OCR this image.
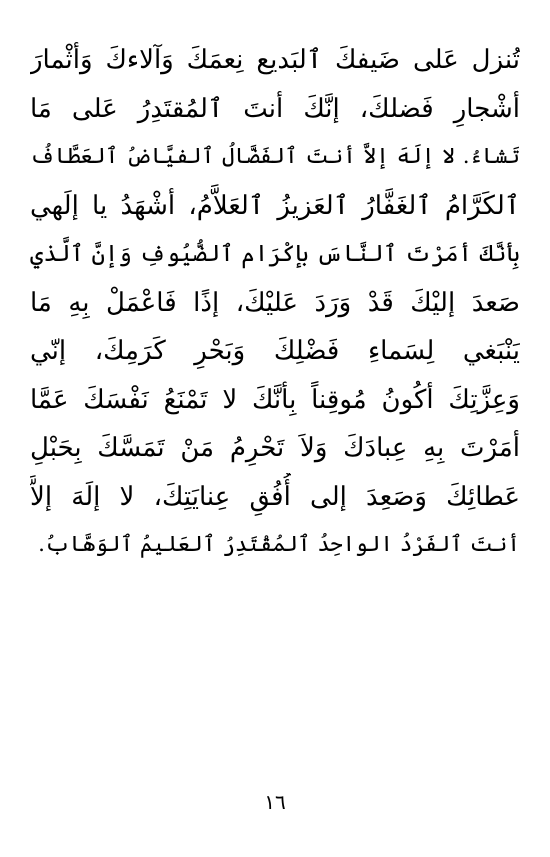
تُنزل عَلى ضَيفكَ ٱلبَديع نِعمَكَ وَآلاءكَ وَأثْمارَ
أشْجارِ فَضلكَ، إنَّكَ أنتَ ٱلمُقتَدِرُ عَلى مَا
تَشاءُ. لا إلَهَ إلاَّ أنتَ ٱلفَضَّالُ ٱلفيَّاضُ ٱلعَطَّافُ
ٱلكَرَّامُ ٱلغَفَّارُ ٱلعَزيزُ ٱلعَلاَّمُ، أشْهَدُ يا إلَهي
بِأنَّكَ أمَرْتَ ٱلنَّاسَ بإكْرَام ٱلضُّيُوفِ وَإنَّ ٱلَّذي
صَعدَ إليْكَ قَدْ وَرَدَ عَليْكَ، إذًا فَاعْمَلْ بِهِ مَا
يَنْبَغي لِسَماءِ فَضْلِكَ وَبَحْرِ كَرَمِكَ، إنّي
وَعِزَّتِكَ أكُونُ مُوقِناً بِأنَّكَ لا تَمْنَعُ نَفْسَكَ عَمَّا
أمَرْتَ بِهِ عِبادَكَ وَلاَ تَحْرِمُ مَنْ تَمَسَّكَ بِحَبْلِ
عَطائِكَ وَصَعِدَ إلى أُفُقِ عِنايَتِكَ، لا إلَهَ إلاَّ
أنتَ ٱلفَرْدُ الواحِدُ ٱلمُقْتَدِرُ ٱلعَليمُ ٱلوَهَّابُ.
١٦
